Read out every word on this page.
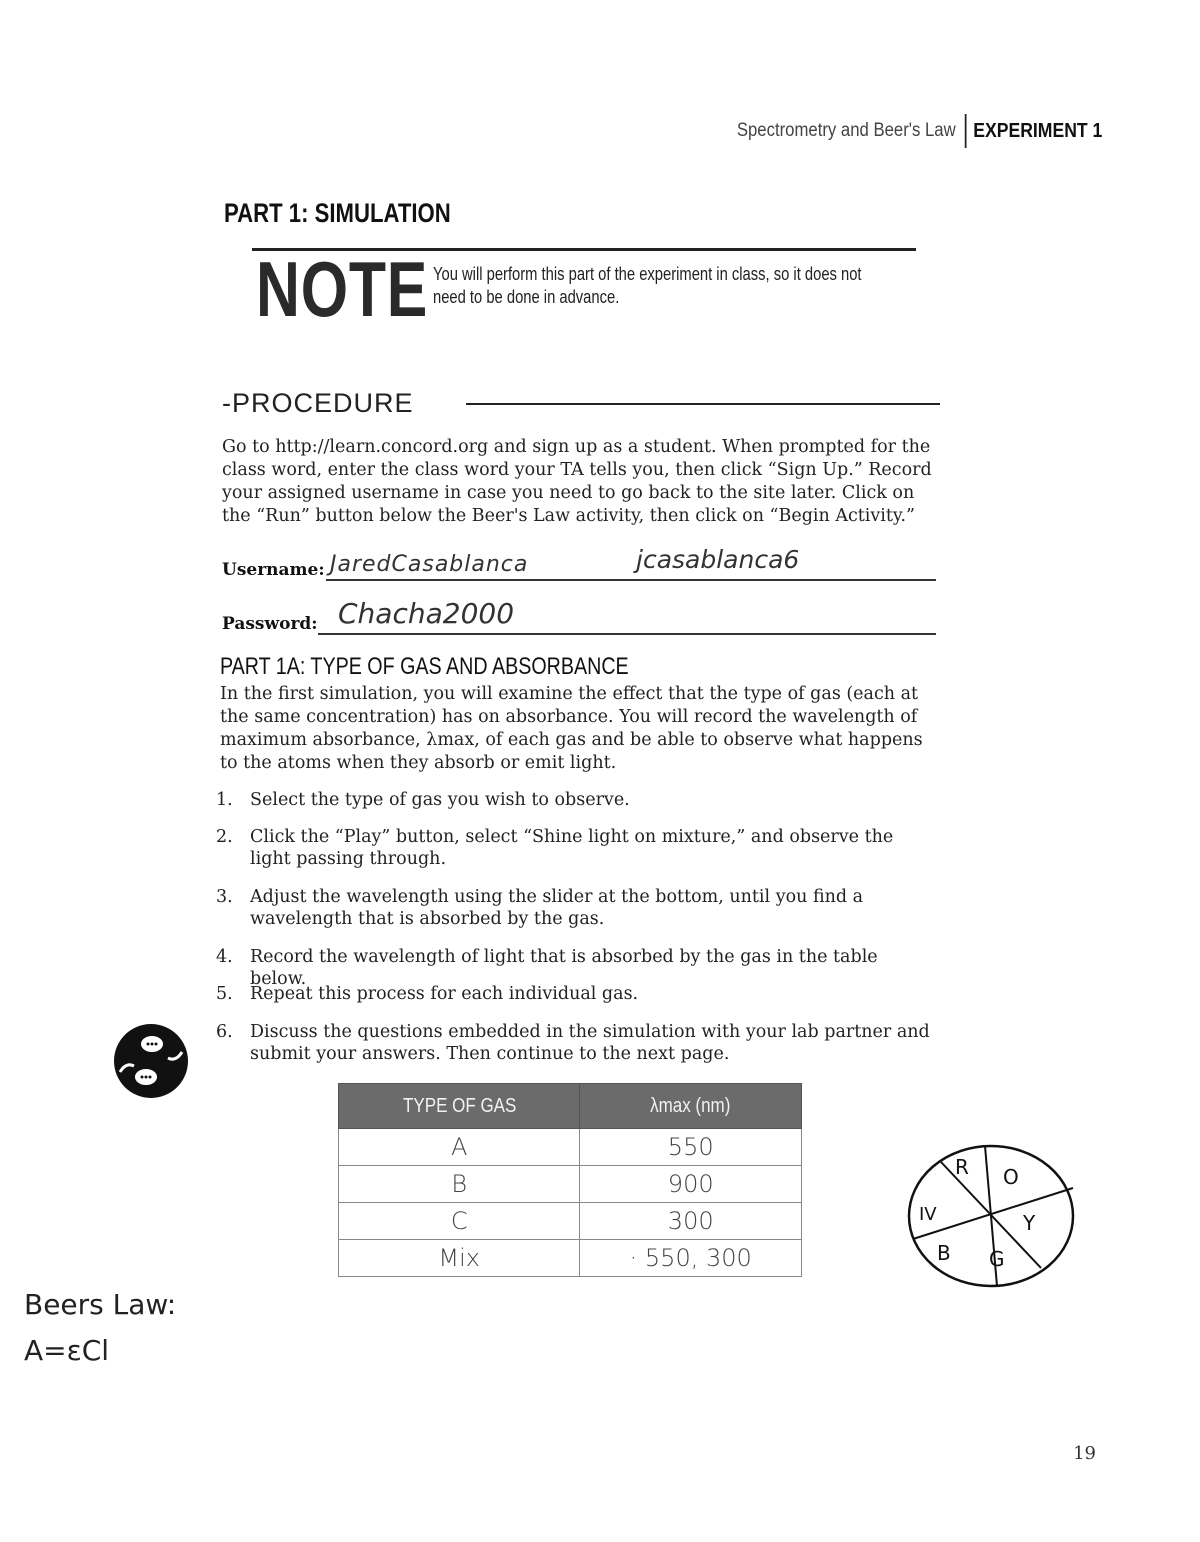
Spectrometry and Beer's Law EXPERIMENT 1
PART 1: SIMULATION
NOTE You will perform this part of the experiment in class, so it does not need to be done in advance.
-PROCEDURE
Go to http://learn.concord.org and sign up as a student. When prompted for the class word, enter the class word your TA tells you, then click “Sign Up.” Record your assigned username in case you need to go back to the site later. Click on the “Run” button below the Beer's Law activity, then click on “Begin Activity.”
Username: JaredCasablanca	jcasablanca6
Password: Chacha2000
PART 1A: TYPE OF GAS AND ABSORBANCE
In the first simulation, you will examine the effect that the type of gas (each at the same concentration) has on absorbance. You will record the wavelength of maximum absorbance, λmax, of each gas and be able to observe what happens to the atoms when they absorb or emit light.
1. Select the type of gas you wish to observe.
2. Click the “Play” button, select “Shine light on mixture,” and observe the light passing through.
3. Adjust the wavelength using the slider at the bottom, until you find a wavelength that is absorbed by the gas.
4. Record the wavelength of light that is absorbed by the gas in the table below.
5. Repeat this process for each individual gas.
6. Discuss the questions embedded in the simulation with your lab partner and submit your answers. Then continue to the next page.
TYPE OF GAS	λmax (nm)
A	550
B	900
C	300
Mix	· 550, 300
R O
Y
G
B
IV
Beers Law:
A=εCl
19
